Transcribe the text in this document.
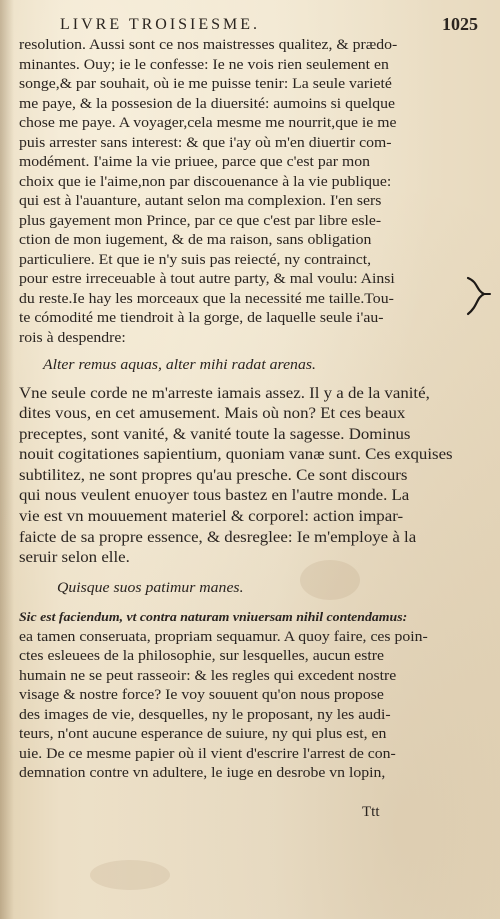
LIVRE TROISIESME.	1025
resolution. Aussi sont ce nos maistresses qualitez, & prædo-
minantes. Ouy; ie le confesse: Ie ne vois rien seulement en
songe,& par souhait, où ie me puisse tenir: La seule varieté
me paye, & la possesion de la diuersité: aumoins si quelque
chose me paye. A voyager,cela mesme me nourrit,que ie me
puis arrester sans interest: & que i'ay où m'en diuertir com-
modément. I'aime la vie priuee, parce que c'est par mon
choix que ie l'aime,non par discouenance à la vie publique:
qui est à l'auanture, autant selon ma complexion. I'en sers
plus gayement mon Prince, par ce que c'est par libre esle-
ction de mon iugement, & de ma raison, sans obligation
particuliere. Et que ie n'y suis pas reiecté, ny contrainct,
pour estre irreceuable à tout autre party, & mal voulu: Ainsi
du reste.Ie hay les morceaux que la necessité me taille.Tou-
te cómodité me tiendroit à la gorge, de laquelle seule i'au-
rois à despendre:
Alter remus aquas, alter mihi radat arenas.
Vne seule corde ne m'arreste iamais assez. Il y a de la vanité,
dites vous, en cet amusement. Mais où non? Et ces beaux
preceptes, sont vanité, & vanité toute la sagesse. Dominus
nouit cogitationes sapientium, quoniam vanæ sunt. Ces exquises
subtilitez, ne sont propres qu'au presche. Ce sont discours
qui nous veulent enuoyer tous bastez en l'autre monde. La
vie est vn mouuement materiel & corporel: action impar-
faicte de sa propre essence, & desreglee: Ie m'employe à la
seruir selon elle.
Quisque suos patimur manes.
Sic est faciendum, vt contra naturam vniuersam nihil contendamus:
ea tamen conseruata, propriam sequamur. A quoy faire, ces poin-
ctes esleuees de la philosophie, sur lesquelles, aucun estre
humain ne se peut rasseoir: & les regles qui excedent nostre
visage & nostre force? Ie voy souuent qu'on nous propose
des images de vie, desquelles, ny le proposant, ny les audi-
teurs, n'ont aucune esperance de suiure, ny qui plus est, en
uie. De ce mesme papier où il vient d'escrire l'arrest de con-
demnation contre vn adultere, le iuge en desrobe vn lopin,
Ttt
